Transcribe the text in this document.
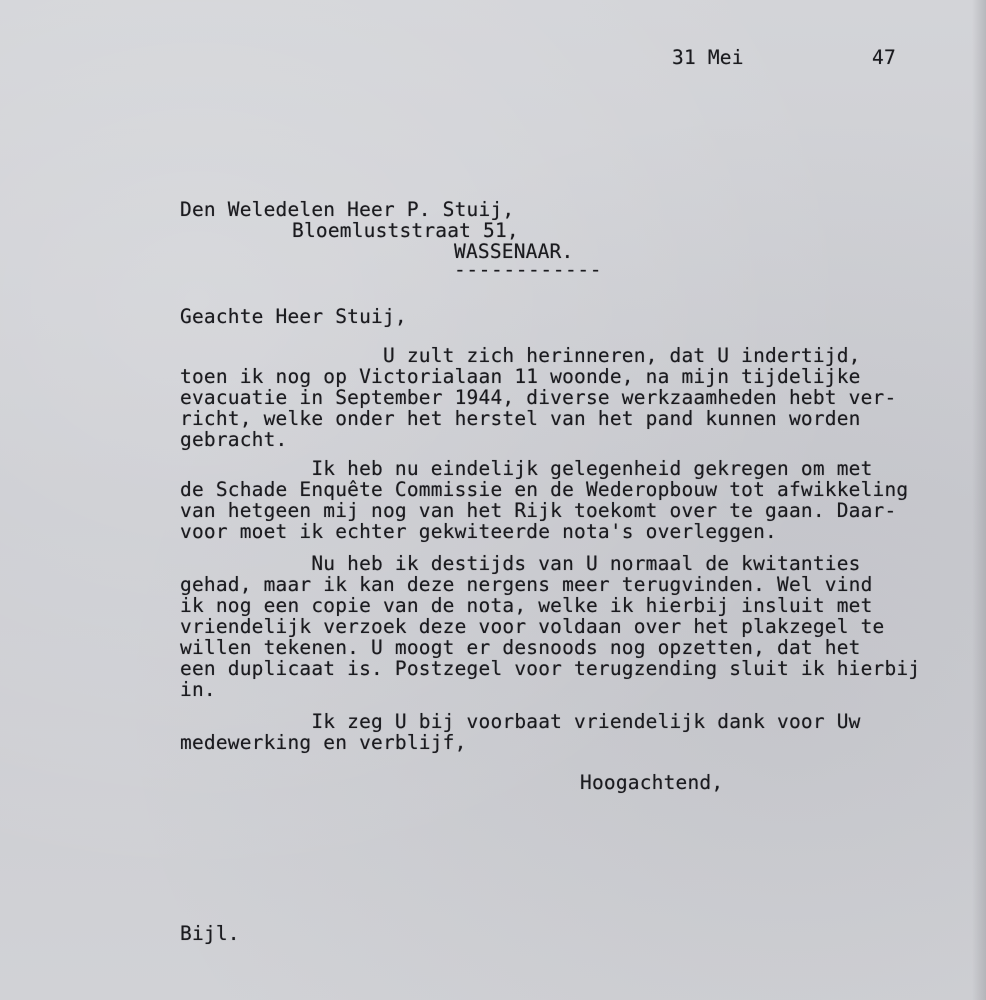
31 Mei	47
Den Weledelen Heer P. Stuij,
Bloemluststraat 51,
WASSENAAR.
------------
Geachte Heer Stuij,
U zult zich herinneren, dat U indertijd,
toen ik nog op Victorialaan 11 woonde, na mijn tijdelijke
evacuatie in September 1944, diverse werkzaamheden hebt ver-
richt, welke onder het herstel van het pand kunnen worden
gebracht.
Ik heb nu eindelijk gelegenheid gekregen om met
de Schade Enquête Commissie en de Wederopbouw tot afwikkeling
van hetgeen mij nog van het Rijk toekomt over te gaan. Daar-
voor moet ik echter gekwiteerde nota's overleggen.
Nu heb ik destijds van U normaal de kwitanties
gehad, maar ik kan deze nergens meer terugvinden. Wel vind
ik nog een copie van de nota, welke ik hierbij insluit met
vriendelijk verzoek deze voor voldaan over het plakzegel te
willen tekenen. U moogt er desnoods nog opzetten, dat het
een duplicaat is. Postzegel voor terugzending sluit ik hierbij
in.
Ik zeg U bij voorbaat vriendelijk dank voor Uw
medewerking en verblijf,
Hoogachtend,
Bijl.
